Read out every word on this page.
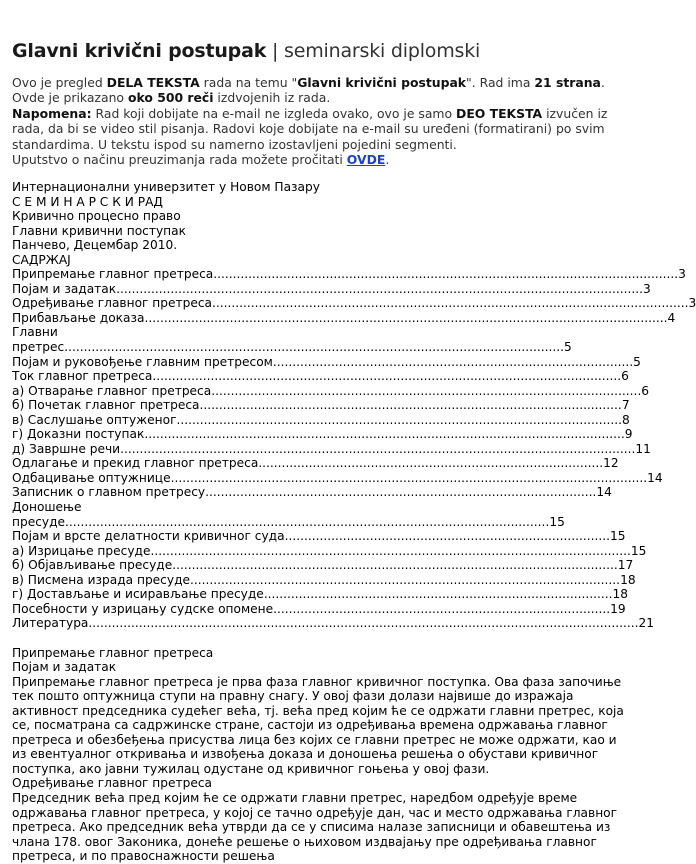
Glavni krivični postupak | seminarski diplomski
Ovo je pregled DELA TEKSTA rada na temu "Glavni krivični postupak". Rad ima 21 strana. Ovde je prikazano oko 500 reči izdvojenih iz rada.
Napomena: Rad koji dobijate na e-mail ne izgleda ovako, ovo je samo DEO TEKSTA izvučen iz rada, da bi se video stil pisanja. Radovi koje dobijate na e-mail su uređeni (formatirani) po svim standardima. U tekstu ispod su namerno izostavljeni pojedini segmenti.
Uputstvo o načinu preuzimanja rada možete pročitati OVDE.
Интернационални универзитет у Новом Пазару
С Е М И Н А Р С К И РАД
Кривично процесно право
Главни кривични поступак
Панчево, Децембар 2010.
САДРЖАЈ
Припремање главног претреса ........................................................................................................................ 3
Појам и задатак ........................................................................................................................................ 3
Одређивање главног претреса ........................................................................................................................... 3
Прибављање доказа ....................................................................................................................................... 4
Главни
претрес ................................................................................................................................. 5
Појам и руковођење главним претресом ............................................................................................. 5
Ток главног претреса ......................................................................................................................... 6
а) Отварање главног претреса ............................................................................................................... 6
б) Почетак главног претреса ............................................................................................................. 7
в) Саслушање оптуженог ................................................................................................................... 8
г) Доказни поступак ............................................................................................................................ 9
д) Завршне речи ..................................................................................................................................... 11
Одлагање и прекид главног претреса ......................................................................................... 12
Одбацивање оптужнице ........................................................................................................................... 14
Записник о главном претресу ..................................................................................................... 14
Доношење
пресуде ............................................................................................................................. 15
Појам и врсте делатности кривичног суда .................................................................................... 15
а) Изрицање пресуде ............................................................................................................................ 15
б) Објављивање пресуде ................................................................................................................... 17
в) Писмена израда пресуде ............................................................................................................... 18
г) Достављање и исирављање пресуде .......................................................................................... 18
Посебности у изрицању судске опомене ....................................................................................... 19
Литература .............................................................................................................................................. 21
Припремање главног претреса
Појам и задатак
Припремање главног претреса је прва фаза главног кривичног поступка. Ова фаза започиње тек пошто оптужница ступи на правну снагу. У овој фази долази највише до изражаја активност председника судећег већа, тј. већа пред којим ће се одржати главни претрес, која се, посматрана са садржинске стране, састоји из одређивања времена одржавања главног претреса и обезбеђења присуства лица без којих се главни претрес не може одржати, као и из евентуалног откривања и извођења доказа и доношења решења о обустави кривичног поступка, ако јавни тужилац одустане од кривичног гоњења у овој фази.
Одређивање главног претреса
Председник већа пред којим ће се одржати главни претрес, наредбом одређује време одржавања главног претреса, у којој се тачно одређује дан, час и место одржавања главног претреса. Ако председник већа утврди да се у списима налазе записници и обавештења из члана 178. овог Законика, донеће решење о њиховом издвајању пре одређивања главног претреса, и по правоснажности решења
